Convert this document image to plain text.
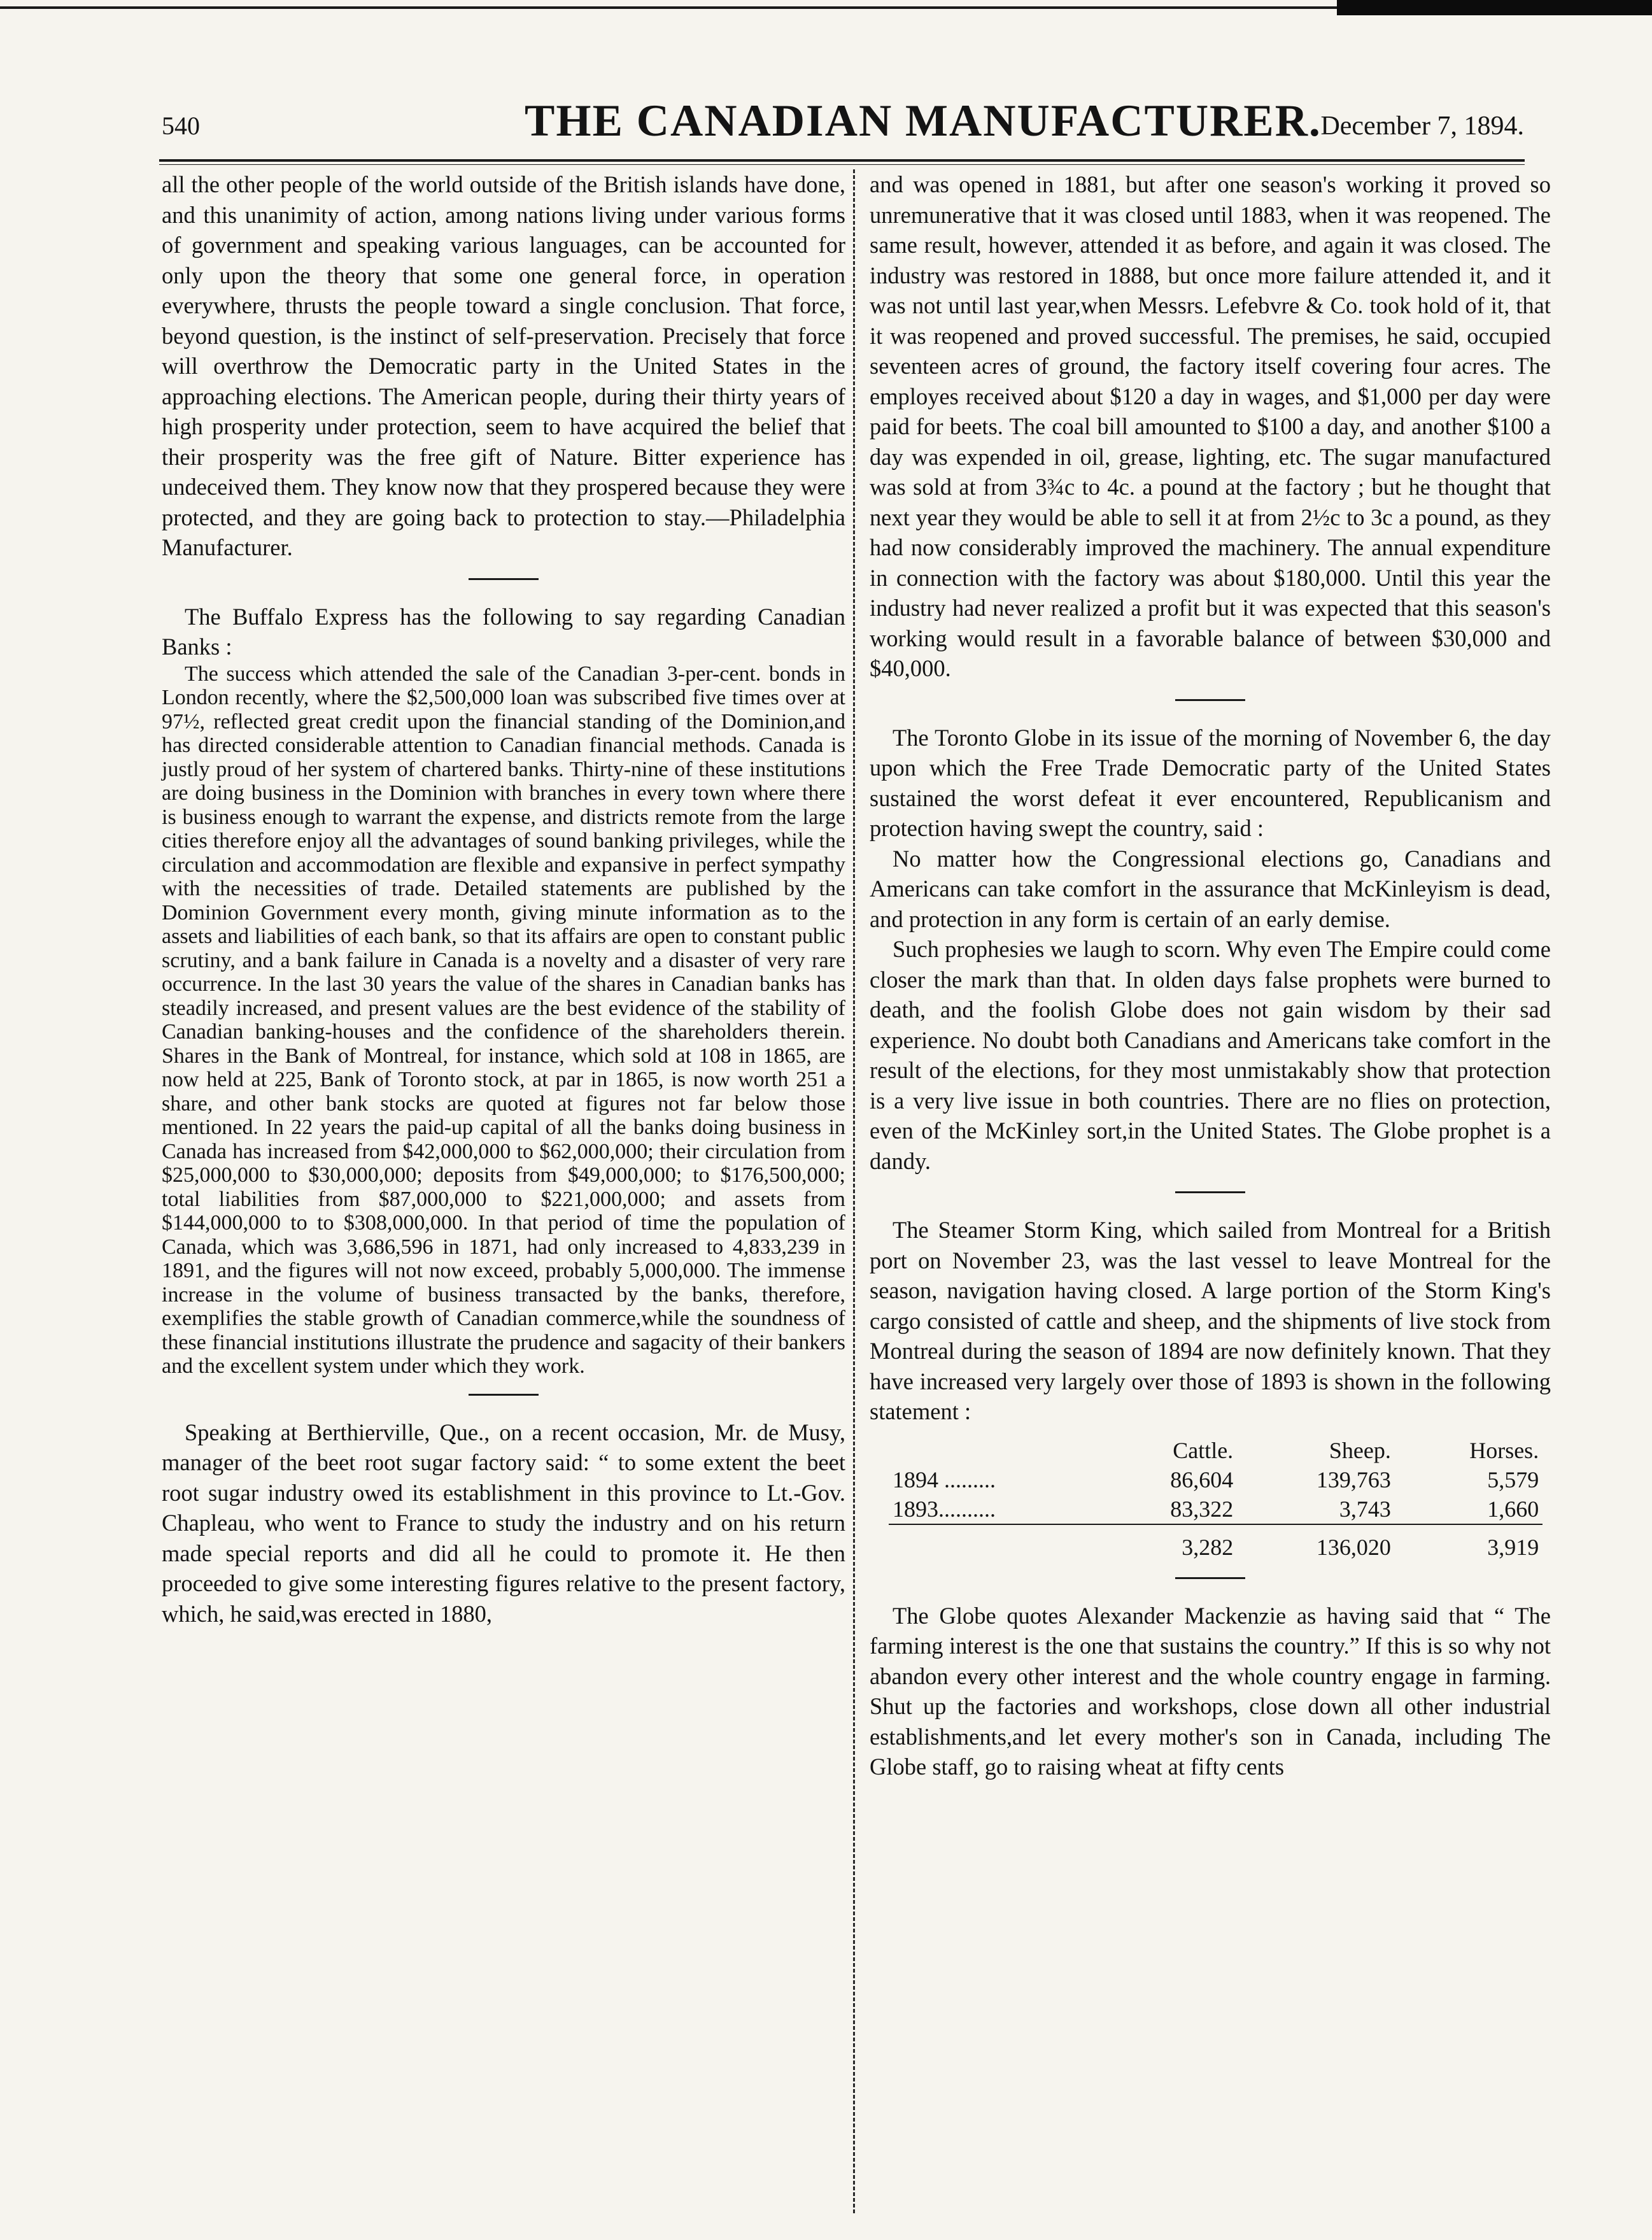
540	THE CANADIAN MANUFACTURER.
December 7, 1894.

all the other people of the world outside of the British islands have done, and this unanimity of action, among nations living under various forms of government and speaking various languages, can be accounted for only upon the theory that some one general force, in operation everywhere, thrusts the people toward a single conclusion. That force, beyond question, is the instinct of self-preservation. Precisely that force will overthrow the Democratic party in the United States in the approaching elections. The American people, during their thirty years of high prosperity under protection, seem to have acquired the belief that their prosperity was the free gift of Nature. Bitter experience has undeceived them. They know now that they prospered because they were protected, and they are going back to protection to stay.—Philadelphia Manufacturer.

The Buffalo Express has the following to say regarding Canadian Banks :

The success which attended the sale of the Canadian 3-per-cent. bonds in London recently, where the $2,500,000 loan was subscribed five times over at 97½, reflected great credit upon the financial standing of the Dominion,and has directed considerable attention to Canadian financial methods. Canada is justly proud of her system of chartered banks. Thirty-nine of these institutions are doing business in the Dominion with branches in every town where there is business enough to warrant the expense, and districts remote from the large cities therefore enjoy all the advantages of sound banking privileges, while the circulation and accommodation are flexible and expansive in perfect sympathy with the necessities of trade. Detailed statements are published by the Dominion Government every month, giving minute information as to the assets and liabilities of each bank, so that its affairs are open to constant public scrutiny, and a bank failure in Canada is a novelty and a disaster of very rare occurrence. In the last 30 years the value of the shares in Canadian banks has steadily increased, and present values are the best evidence of the stability of Canadian banking-houses and the confidence of the shareholders therein. Shares in the Bank of Montreal, for instance, which sold at 108 in 1865, are now held at 225, Bank of Toronto stock, at par in 1865, is now worth 251 a share, and other bank stocks are quoted at figures not far below those mentioned. In 22 years the paid-up capital of all the banks doing business in Canada has increased from $42,000,000 to $62,000,000; their circulation from $25,000,000 to $30,000,000; deposits from $49,000,000; to $176,500,000; total liabilities from $87,000,000 to $221,000,000; and assets from $144,000,000 to to $308,000,000. In that period of time the population of Canada, which was 3,686,596 in 1871, had only increased to 4,833,239 in 1891, and the figures will not now exceed, probably 5,000,000. The immense increase in the volume of business transacted by the banks, therefore, exemplifies the stable growth of Canadian commerce,while the soundness of these financial institutions illustrate the prudence and sagacity of their bankers and the excellent system under which they work.

Speaking at Berthierville, Que., on a recent occasion, Mr. de Musy, manager of the beet root sugar factory said: “ to some extent the beet root sugar industry owed its establishment in this province to Lt.-Gov. Chapleau, who went to France to study the industry and on his return made special reports and did all he could to promote it. He then proceeded to give some interesting figures relative to the present factory, which, he said,was erected in 1880,

and was opened in 1881, but after one season's working it proved so unremunerative that it was closed until 1883, when it was reopened. The same result, however, attended it as before, and again it was closed. The industry was restored in 1888, but once more failure attended it, and it was not until last year,when Messrs. Lefebvre & Co. took hold of it, that it was reopened and proved successful. The premises, he said, occupied seventeen acres of ground, the factory itself covering four acres. The employes received about $120 a day in wages, and $1,000 per day were paid for beets. The coal bill amounted to $100 a day, and another $100 a day was expended in oil, grease, lighting, etc. The sugar manufactured was sold at from 3¾c to 4c. a pound at the factory ; but he thought that next year they would be able to sell it at from 2½c to 3c a pound, as they had now considerably improved the machinery. The annual expenditure in connection with the factory was about $180,000. Until this year the industry had never realized a profit but it was expected that this season's working would result in a favorable balance of between $30,000 and $40,000.

The Toronto Globe in its issue of the morning of November 6, the day upon which the Free Trade Democratic party of the United States sustained the worst defeat it ever encountered, Republicanism and protection having swept the country, said :

No matter how the Congressional elections go, Canadians and Americans can take comfort in the assurance that McKinleyism is dead, and protection in any form is certain of an early demise.

Such prophesies we laugh to scorn. Why even The Empire could come closer the mark than that. In olden days false prophets were burned to death, and the foolish Globe does not gain wisdom by their sad experience. No doubt both Canadians and Americans take comfort in the result of the elections, for they most unmistakably show that protection is a very live issue in both countries. There are no flies on protection, even of the McKinley sort,in the United States. The Globe prophet is a dandy.

The Steamer Storm King, which sailed from Montreal for a British port on November 23, was the last vessel to leave Montreal for the season, navigation having closed. A large portion of the Storm King's cargo consisted of cattle and sheep, and the shipments of live stock from Montreal during the season of 1894 are now definitely known. That they have increased very largely over those of 1893 is shown in the following statement :

	Cattle.	Sheep.	Horses.
1894 .........	86,604	139,763	5,579
1893..........	83,322	3,743	1,660
	3,282	136,020	3,919

The Globe quotes Alexander Mackenzie as having said that “ The farming interest is the one that sustains the country.” If this is so why not abandon every other interest and the whole country engage in farming. Shut up the factories and workshops, close down all other industrial establishments,and let every mother's son in Canada, including The Globe staff, go to raising wheat at fifty cents
